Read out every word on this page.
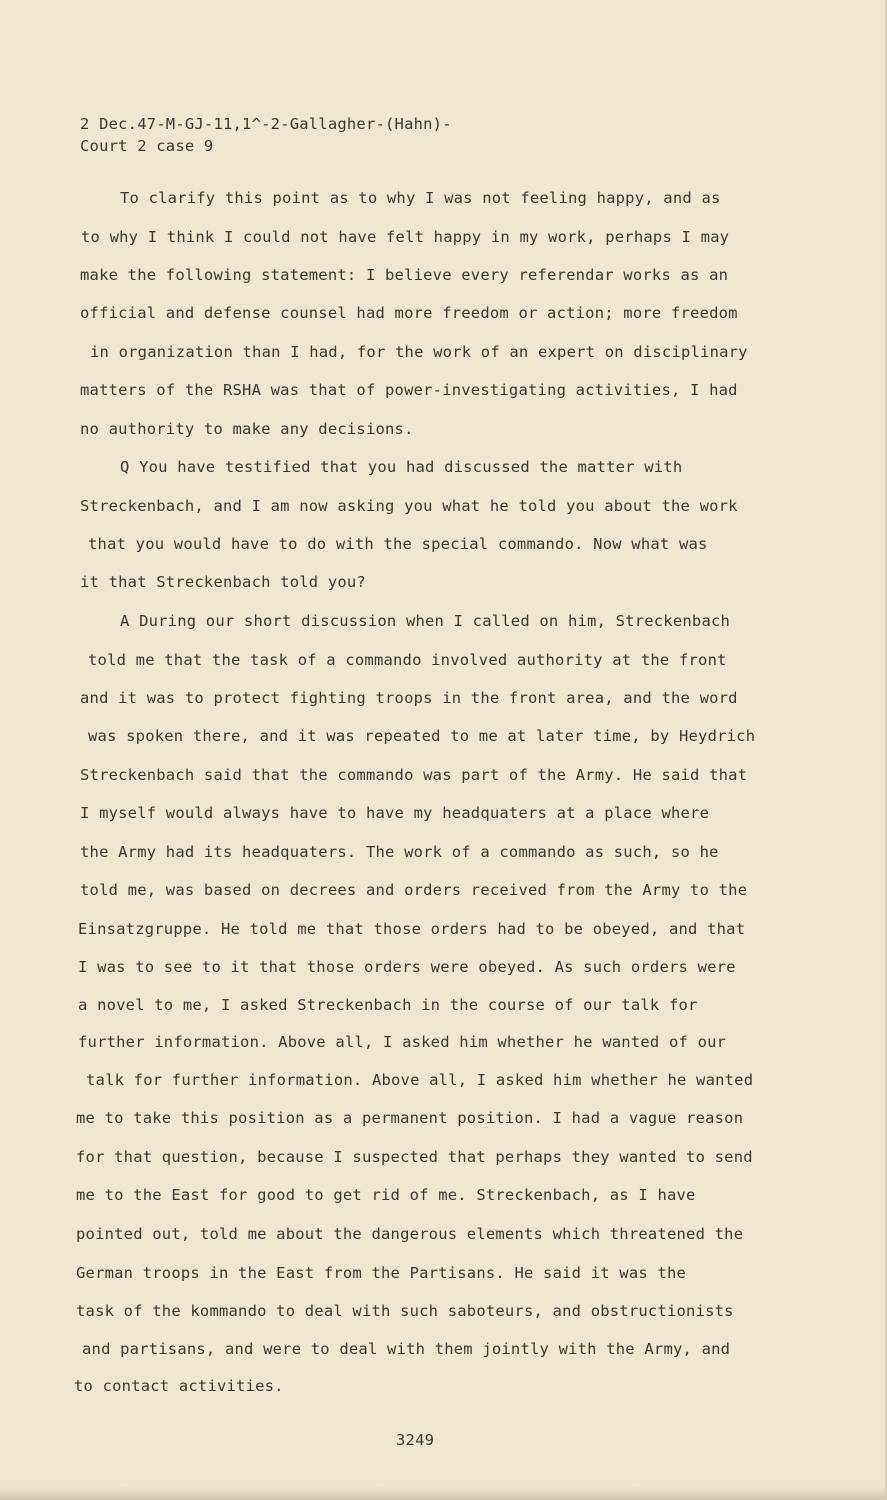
2 Dec.47-M-GJ-11,1^-2-Gallagher-(Hahn)-
Court 2 case 9
To clarify this point as to why I was not feeling happy, and as
to why I think I could not have felt happy in my work, perhaps I may
make the following statement: I believe every referendar works as an
official and defense counsel had more freedom or action; more freedom
in organization than I had, for the work of an expert on disciplinary
matters of the RSHA was that of power-investigating activities, I had
no authority to make any decisions.
Q You have testified that you had discussed the matter with
Streckenbach, and I am now asking you what he told you about the work
that you would have to do with the special commando. Now what was
it that Streckenbach told you?
A During our short discussion when I called on him, Streckenbach
told me that the task of a commando involved authority at the front
and it was to protect fighting troops in the front area, and the word
was spoken there, and it was repeated to me at later time, by Heydrich
Streckenbach said that the commando was part of the Army. He said that
I myself would always have to have my headquaters at a place where
the Army had its headquaters. The work of a commando as such, so he
told me, was based on decrees and orders received from the Army to the
Einsatzgruppe. He told me that those orders had to be obeyed, and that
I was to see to it that those orders were obeyed. As such orders were
a novel to me, I asked Streckenbach in the course of our talk for
further information. Above all, I asked him whether he wanted of our
talk for further information. Above all, I asked him whether he wanted
me to take this position as a permanent position. I had a vague reason
for that question, because I suspected that perhaps they wanted to send
me to the East for good to get rid of me. Streckenbach, as I have
pointed out, told me about the dangerous elements which threatened the
German troops in the East from the Partisans. He said it was the
task of the kommando to deal with such saboteurs, and obstructionists
and partisans, and were to deal with them jointly with the Army, and
to contact activities.
3249
